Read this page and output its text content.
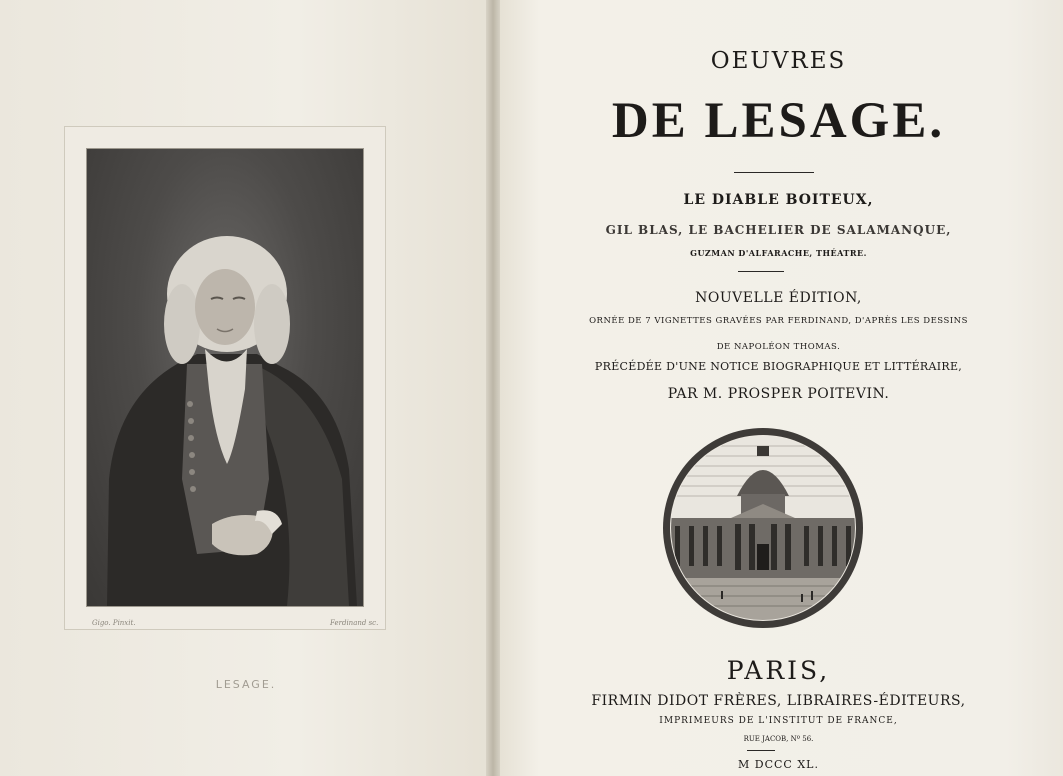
Gigo. Pinxit.	Ferdinand sc.
LESAGE.
OEUVRES
DE LESAGE.
LE DIABLE BOITEUX,
GIL BLAS, LE BACHELIER DE SALAMANQUE,
GUZMAN D'ALFARACHE, THÉATRE.
NOUVELLE ÉDITION,
ORNÉE DE 7 VIGNETTES GRAVÉES PAR FERDINAND, D'APRÈS LES DESSINS
DE NAPOLÉON THOMAS.
PRÉCÉDÉE D'UNE NOTICE BIOGRAPHIQUE ET LITTÉRAIRE,
PAR M. PROSPER POITEVIN.
PARIS,
FIRMIN DIDOT FRÈRES, LIBRAIRES-ÉDITEURS,
IMPRIMEURS DE L'INSTITUT DE FRANCE,
RUE JACOB, Nº 56.
M DCCC XL.
